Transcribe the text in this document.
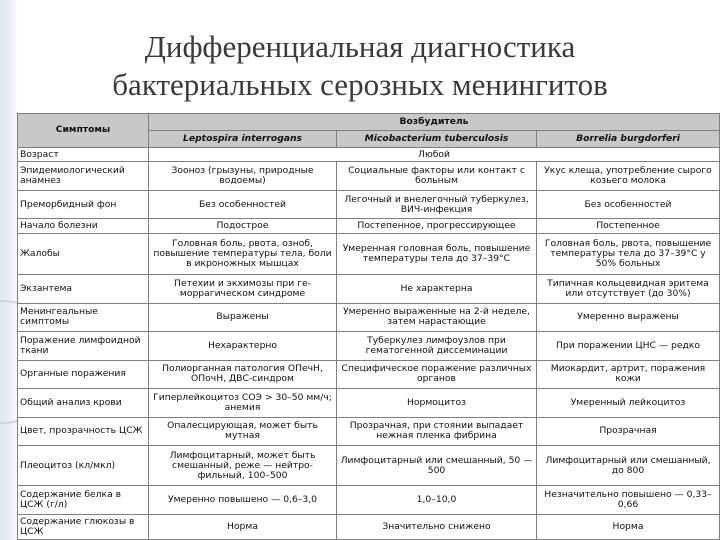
Дифференциальная диагностика
бактериальных серозных менингитов
Симптомы	Возбудитель		
	Leptospira interrogans	Micobacterium tuberculosis	Borrelia burgdorferi
Возраст	Любой		
Эпидемиологический анамнез	Зооноз (грызуны, природные водоемы)	Социальные факторы или контакт с больным	Укус клеща, употребление сырого козьего молока
Преморбидный фон	Без особенностей	Легочный и внелегочный туберкулез, ВИЧ-инфекция	Без особенностей
Начало болезни	Подострое	Постепенное, прогрессирующее	Постепенное
Жалобы	Головная боль, рвота, озноб, повышение температуры тела, боли в икроножных мышцах	Умеренная головная боль, повышение температуры тела до 37–39°С	Головная боль, рвота, повышение температуры тела до 37–39°С у 50% больных
Экзантема	Петехии и экхимозы при геморрагическом синдроме	Не характерна	Типичная кольцевидная эритема или отсутствует (до 30%)
Менингеальные симптомы	Выражены	Умеренно выраженные на 2-й неделе, затем нарастающие	Умеренно выражены
Поражение лимфоидной ткани	Нехарактерно	Туберкулез лимфоузлов при гематогенной диссеминации	При поражении ЦНС — редко
Органные поражения	Полиорганная патология ОПечН, ОПочН, ДВС-синдром	Специфическое поражение различных органов	Миокардит, артрит, поражения кожи
Общий анализ крови	Гиперлейкоцитоз СОЭ > 30–50 мм/ч; анемия	Нормоцитоз	Умеренный лейкоцитоз
Цвет, прозрачность ЦСЖ	Опалесцирующая, может быть мутная	Прозрачная, при стоянии выпадает нежная пленка фибрина	Прозрачная
Плеоцитоз (кл/мкл)	Лимфоцитарный, может быть смешанный, реже — нейтрофильный, 100–500	Лимфоцитарный или смешанный, 50 — 500	Лимфоцитарный или смешанный, до 800
Содержание белка в ЦСЖ (г/л)	Умеренно повышено — 0,6–3,0	1,0–10,0	Незначительно повышено — 0,33–0,66
Содержание глюкозы в ЦСЖ	Норма	Значительно снижено	Норма
